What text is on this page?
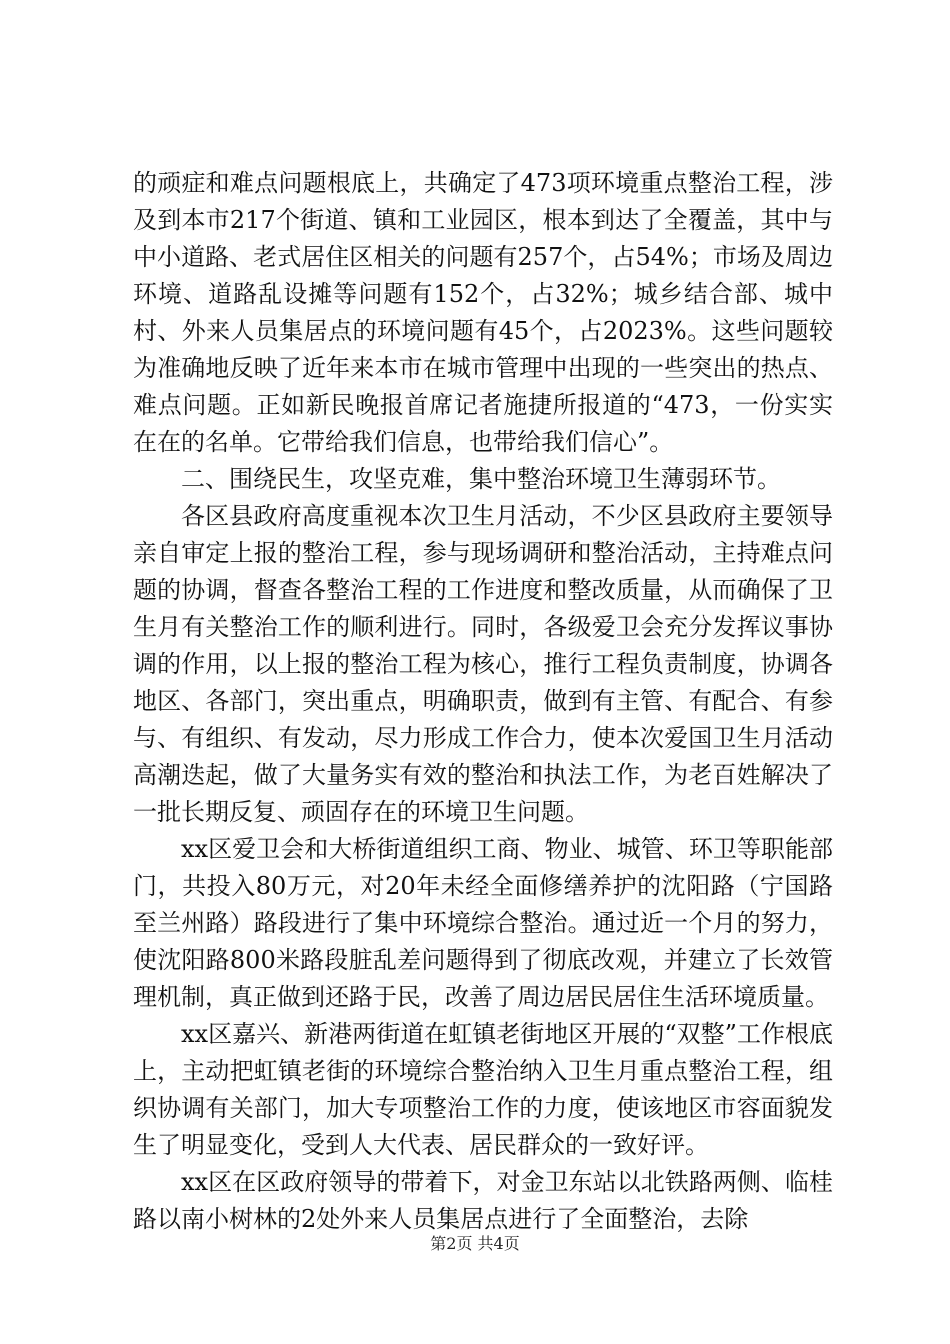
的顽症和难点问题根底上，共确定了473项环境重点整治工程，涉及到本市217个街道、镇和工业园区，根本到达了全覆盖，其中与中小道路、老式居住区相关的问题有257个，占54%；市场及周边环境、道路乱设摊等问题有152个，占32%；城乡结合部、城中村、外来人员集居点的环境问题有45个，占2023%。这些问题较为准确地反映了近年来本市在城市管理中出现的一些突出的热点、难点问题。正如新民晚报首席记者施捷所报道的“473，一份实实在在的名单。它带给我们信息，也带给我们信心”。

二、围绕民生，攻坚克难，集中整治环境卫生薄弱环节。

各区县政府高度重视本次卫生月活动，不少区县政府主要领导亲自审定上报的整治工程，参与现场调研和整治活动，主持难点问题的协调，督查各整治工程的工作进度和整改质量，从而确保了卫生月有关整治工作的顺利进行。同时，各级爱卫会充分发挥议事协调的作用，以上报的整治工程为核心，推行工程负责制度，协调各地区、各部门，突出重点，明确职责，做到有主管、有配合、有参与、有组织、有发动，尽力形成工作合力，使本次爱国卫生月活动高潮迭起，做了大量务实有效的整治和执法工作，为老百姓解决了一批长期反复、顽固存在的环境卫生问题。

xx区爱卫会和大桥街道组织工商、物业、城管、环卫等职能部门，共投入80万元，对20年未经全面修缮养护的沈阳路（宁国路至兰州路）路段进行了集中环境综合整治。通过近一个月的努力，使沈阳路800米路段脏乱差问题得到了彻底改观，并建立了长效管理机制，真正做到还路于民，改善了周边居民居住生活环境质量。

xx区嘉兴、新港两街道在虹镇老街地区开展的“双整”工作根底上，主动把虹镇老街的环境综合整治纳入卫生月重点整治工程，组织协调有关部门，加大专项整治工作的力度，使该地区市容面貌发生了明显变化，受到人大代表、居民群众的一致好评。

xx区在区政府领导的带着下，对金卫东站以北铁路两侧、临桂路以南小树林的2处外来人员集居点进行了全面整治，去除

第2页 共4页
